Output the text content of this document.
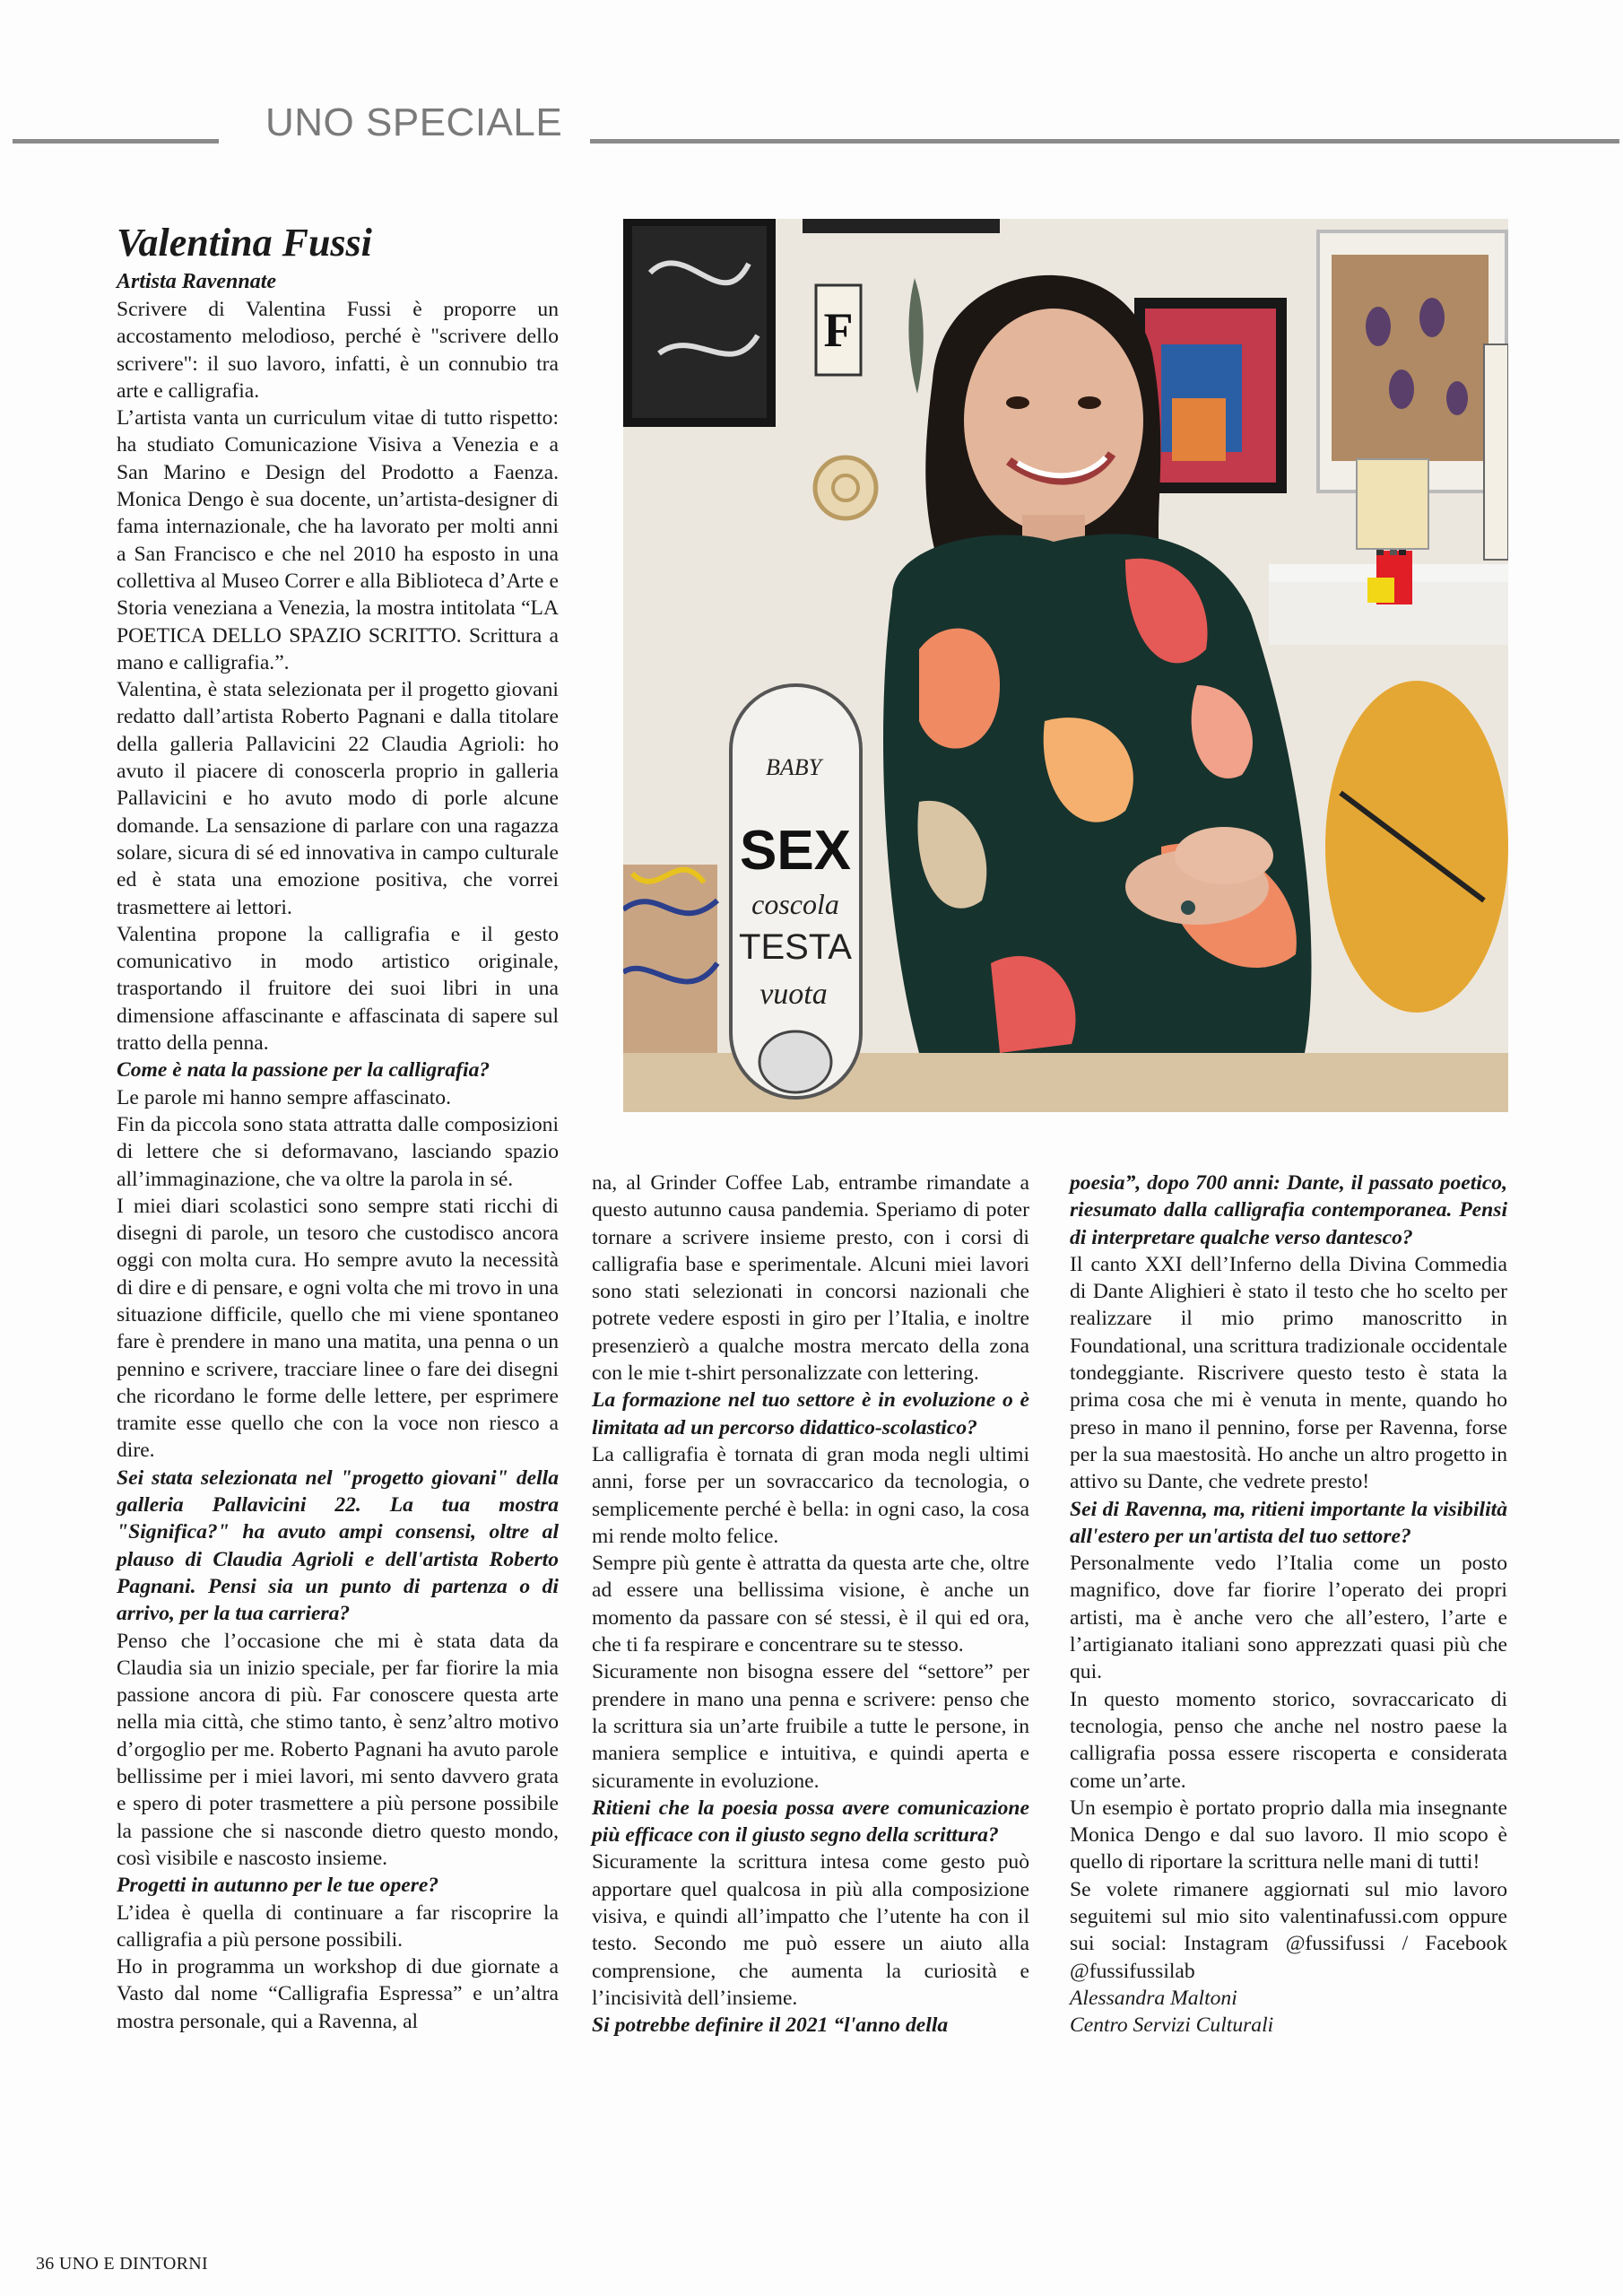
UNO SPECIALE
Valentina Fussi
Artista Ravennate

Scrivere di Valentina Fussi è proporre un accostamento melodioso, perché è "scrivere dello scrivere": il suo lavoro, infatti, è un connubio tra arte e calligrafia.

L’artista vanta un curriculum vitae di tutto rispetto: ha studiato Comunicazione Visiva a Venezia e a San Marino e Design del Prodotto a Faenza. Monica Dengo è sua docente, un’artista-designer di fama internazionale, che ha lavorato per molti anni a San Francisco e che nel 2010 ha esposto in una collettiva al Museo Correr e alla Biblioteca d’Arte e Storia veneziana a Venezia, la mostra intitolata “LA POETICA DELLO SPAZIO SCRITTO. Scrittura a mano e calligrafia.”.

Valentina, è stata selezionata per il progetto giovani redatto dall’artista Roberto Pagnani e dalla titolare della galleria Pallavicini 22 Claudia Agrioli: ho avuto il piacere di conoscerla proprio in galleria Pallavicini e ho avuto modo di porle alcune domande. La sensazione di parlare con una ragazza solare, sicura di sé ed innovativa in campo culturale ed è stata una emozione positiva, che vorrei trasmettere ai lettori.

Valentina propone la calligrafia e il gesto comunicativo in modo artistico originale, trasportando il fruitore dei suoi libri in una dimensione affascinante e affascinata di sapere sul tratto della penna.

Come è nata la passione per la calligrafia?

Le parole mi hanno sempre affascinato.

Fin da piccola sono stata attratta dalle composizioni di lettere che si deformavano, lasciando spazio all’immaginazione, che va oltre la parola in sé.

I miei diari scolastici sono sempre stati ricchi di disegni di parole, un tesoro che custodisco ancora oggi con molta cura. Ho sempre avuto la necessità di dire e di pensare, e ogni volta che mi trovo in una situazione difficile, quello che mi viene spontaneo fare è prendere in mano una matita, una penna o un pennino e scrivere, tracciare linee o fare dei disegni che ricordano le forme delle lettere, per esprimere tramite esse quello che con la voce non riesco a dire.

Sei stata selezionata nel "progetto giovani" della galleria Pallavicini 22. La tua mostra "Significa?" ha avuto ampi consensi, oltre al plauso di Claudia Agrioli e dell'artista Roberto Pagnani. Pensi sia un punto di partenza o di arrivo, per la tua carriera?

Penso che l’occasione che mi è stata data da Claudia sia un inizio speciale, per far fiorire la mia passione ancora di più. Far conoscere questa arte nella mia città, che stimo tanto, è senz’altro motivo d’orgoglio per me. Roberto Pagnani ha avuto parole bellissime per i miei lavori, mi sento davvero grata e spero di poter trasmettere a più persone possibile la passione che si nasconde dietro questo mondo, così visibile e nascosto insieme.

Progetti in autunno per le tue opere?

L’idea è quella di continuare a far riscoprire la calligrafia a più persone possibili.

Ho in programma un workshop di due giornate a Vasto dal nome “Calligrafia Espressa” e un’altra mostra personale, qui a Ravenna, al

F
BABY
SEX
coscola
TESTA
vuota

na, al Grinder Coffee Lab, entrambe rimandate a questo autunno causa pandemia. Speriamo di poter tornare a scrivere insieme presto, con i corsi di calligrafia base e sperimentale. Alcuni miei lavori sono stati selezionati in concorsi nazionali che potrete vedere esposti in giro per l’Italia, e inoltre presenzierò a qualche mostra mercato della zona con le mie t-shirt personalizzate con lettering.

La formazione nel tuo settore è in evoluzione o è limitata ad un percorso didattico-scolastico?

La calligrafia è tornata di gran moda negli ultimi anni, forse per un sovraccarico da tecnologia, o semplicemente perché è bella: in ogni caso, la cosa mi rende molto felice.

Sempre più gente è attratta da questa arte che, oltre ad essere una bellissima visione, è anche un momento da passare con sé stessi, è il qui ed ora, che ti fa respirare e concentrare su te stesso.

Sicuramente non bisogna essere del “settore” per prendere in mano una penna e scrivere: penso che la scrittura sia un’arte fruibile a tutte le persone, in maniera semplice e intuitiva, e quindi aperta e sicuramente in evoluzione.

Ritieni che la poesia possa avere comunicazione più efficace con il giusto segno della scrittura?

Sicuramente la scrittura intesa come gesto può apportare quel qualcosa in più alla composizione visiva, e quindi all’impatto che l’utente ha con il testo. Secondo me può essere un aiuto alla comprensione, che aumenta la curiosità e l’incisività dell’insieme.

Si potrebbe definire il 2021 “l'anno della

poesia”, dopo 700 anni: Dante, il passato poetico, riesumato dalla calligrafia contemporanea. Pensi di interpretare qualche verso dantesco?

Il canto XXI dell’Inferno della Divina Commedia di Dante Alighieri è stato il testo che ho scelto per realizzare il mio primo manoscritto in Foundational, una scrittura tradizionale occidentale tondeggiante. Riscrivere questo testo è stata la prima cosa che mi è venuta in mente, quando ho preso in mano il pennino, forse per Ravenna, forse per la sua maestosità. Ho anche un altro progetto in attivo su Dante, che vedrete presto!

Sei di Ravenna, ma, ritieni importante la visibilità all'estero per un'artista del tuo settore?

Personalmente vedo l’Italia come un posto magnifico, dove far fiorire l’operato dei propri artisti, ma è anche vero che all’estero, l’arte e l’artigianato italiani sono apprezzati quasi più che qui.

In questo momento storico, sovraccaricato di tecnologia, penso che anche nel nostro paese la calligrafia possa essere riscoperta e considerata come un’arte.

Un esempio è portato proprio dalla mia insegnante Monica Dengo e dal suo lavoro. Il mio scopo è quello di riportare la scrittura nelle mani di tutti!

Se volete rimanere aggiornati sul mio lavoro seguitemi sul mio sito valentinafussi.com oppure sui social: Instagram @fussifussi / Facebook @fussifussilab

Alessandra Maltoni

Centro Servizi Culturali

36 UNO E DINTORNI
